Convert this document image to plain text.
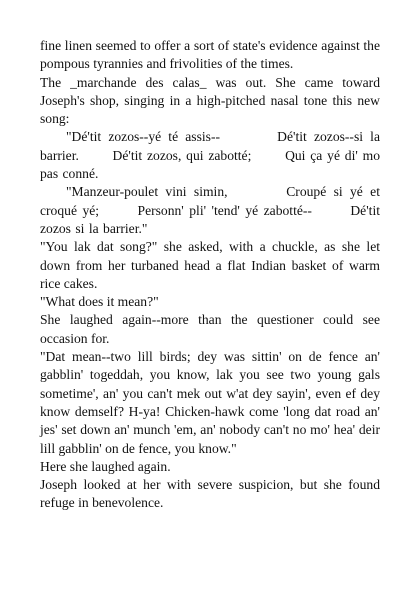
fine linen seemed to offer a sort of state's evidence against the pompous tyrannies and frivolities of the times.

The _marchande des calas_ was out. She came toward Joseph's shop, singing in a high-pitched nasal tone this new song:

"Dé'tit zozos--yé té assis--        Dé'tit zozos--si la barrier.       Dé'tit zozos, qui zabotté;       Qui ça yé di' mo pas conné.

"Manzeur-poulet vini simin,        Croupé si yé et croqué yé;       Personn' pli' 'tend' yé zabotté--       Dé'tit zozos si la barrier."

"You lak dat song?" she asked, with a chuckle, as she let down from her turbaned head a flat Indian basket of warm rice cakes.

"What does it mean?"

She laughed again--more than the questioner could see occasion for.

"Dat mean--two lill birds; dey was sittin' on de fence an' gabblin' togeddah, you know, lak you see two young gals sometime', an' you can't mek out w'at dey sayin', even ef dey know demself? H-ya! Chicken-hawk come 'long dat road an' jes' set down an' munch 'em, an' nobody can't no mo' hea' deir lill gabblin' on de fence, you know."

Here she laughed again.

Joseph looked at her with severe suspicion, but she found refuge in benevolence.
